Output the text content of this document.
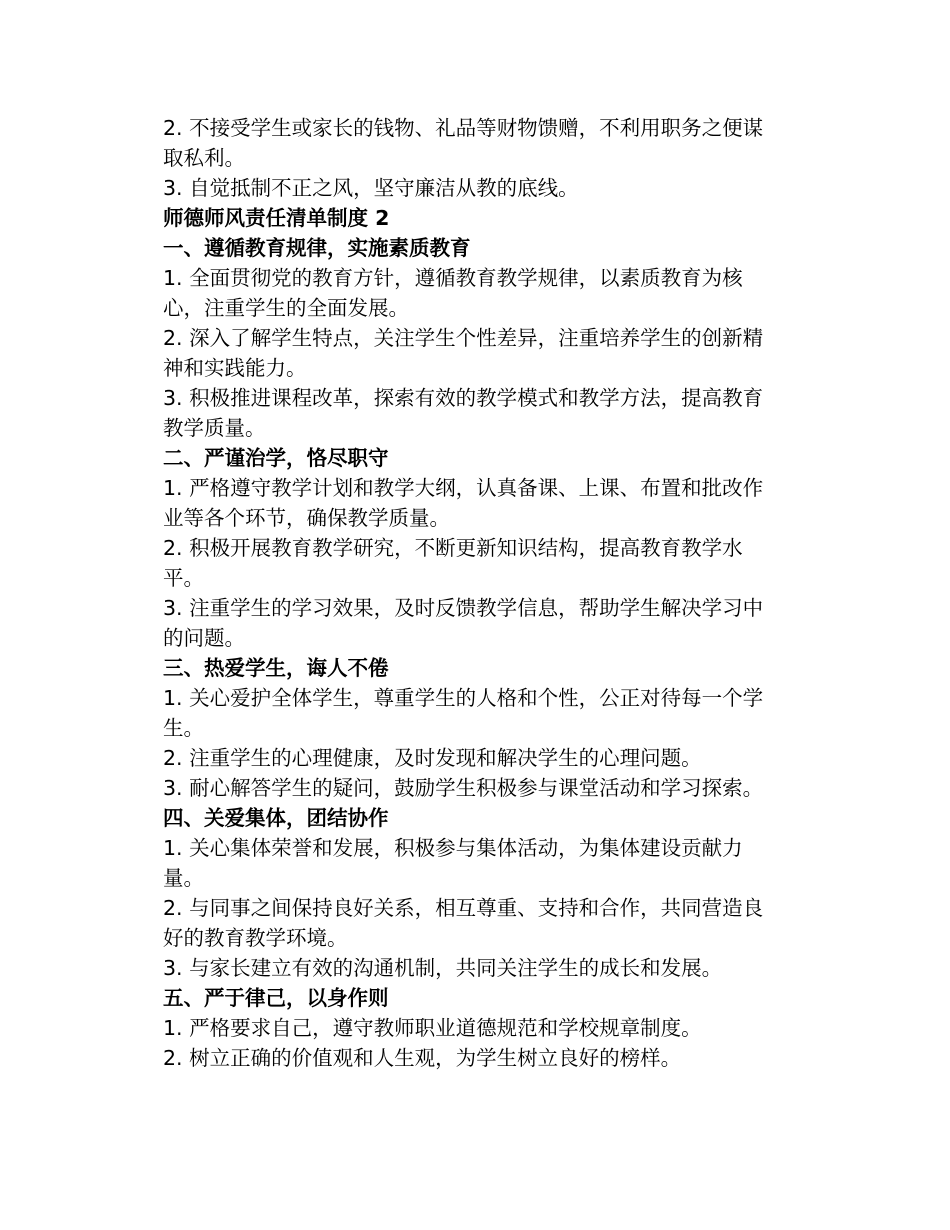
2. 不接受学生或家长的钱物、礼品等财物馈赠，不利用职务之便谋取私利。

3. 自觉抵制不正之风，坚守廉洁从教的底线。

师德师风责任清单制度 2

一、遵循教育规律，实施素质教育

1. 全面贯彻党的教育方针，遵循教育教学规律，以素质教育为核心，注重学生的全面发展。

2. 深入了解学生特点，关注学生个性差异，注重培养学生的创新精神和实践能力。

3. 积极推进课程改革，探索有效的教学模式和教学方法，提高教育教学质量。

二、严谨治学，恪尽职守

1. 严格遵守教学计划和教学大纲，认真备课、上课、布置和批改作业等各个环节，确保教学质量。

2. 积极开展教育教学研究，不断更新知识结构，提高教育教学水平。

3. 注重学生的学习效果，及时反馈教学信息，帮助学生解决学习中的问题。

三、热爱学生，诲人不倦

1. 关心爱护全体学生，尊重学生的人格和个性，公正对待每一个学生。

2. 注重学生的心理健康，及时发现和解决学生的心理问题。

3. 耐心解答学生的疑问，鼓励学生积极参与课堂活动和学习探索。

四、关爱集体，团结协作

1. 关心集体荣誉和发展，积极参与集体活动，为集体建设贡献力量。

2. 与同事之间保持良好关系，相互尊重、支持和合作，共同营造良好的教育教学环境。

3. 与家长建立有效的沟通机制，共同关注学生的成长和发展。

五、严于律己，以身作则

1. 严格要求自己，遵守教师职业道德规范和学校规章制度。

2. 树立正确的价值观和人生观，为学生树立良好的榜样。
